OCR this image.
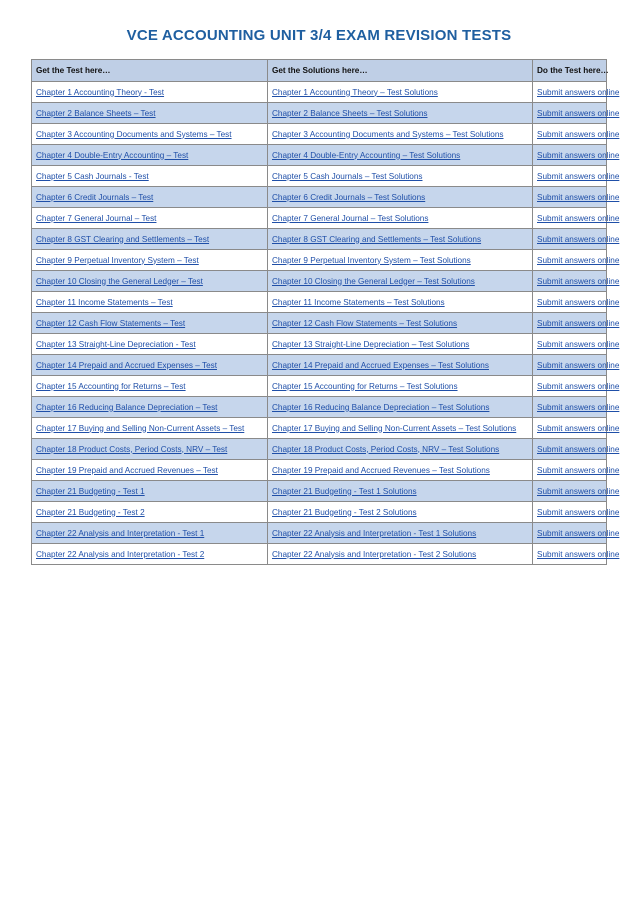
VCE ACCOUNTING UNIT 3/4 EXAM REVISION TESTS
Get the Test here…	Get the Solutions here…	Do the Test here…
Chapter 1 Accounting Theory - Test	Chapter 1 Accounting Theory – Test Solutions	Submit answers online
Chapter 2 Balance Sheets – Test	Chapter 2 Balance Sheets – Test Solutions	Submit answers online
Chapter 3 Accounting Documents and Systems – Test	Chapter 3 Accounting Documents and Systems – Test Solutions	Submit answers online
Chapter 4 Double-Entry Accounting – Test	Chapter 4 Double-Entry Accounting – Test Solutions	Submit answers online
Chapter 5 Cash Journals - Test	Chapter 5 Cash Journals – Test Solutions	Submit answers online
Chapter 6 Credit Journals – Test	Chapter 6 Credit Journals – Test Solutions	Submit answers online
Chapter 7 General Journal – Test	Chapter 7 General Journal – Test Solutions	Submit answers online
Chapter 8 GST Clearing and Settlements – Test	Chapter 8 GST Clearing and Settlements – Test Solutions	Submit answers online
Chapter 9 Perpetual Inventory System – Test	Chapter 9 Perpetual Inventory System – Test Solutions	Submit answers online
Chapter 10 Closing the General Ledger – Test	Chapter 10 Closing the General Ledger – Test Solutions	Submit answers online
Chapter 11 Income Statements – Test	Chapter 11 Income Statements – Test Solutions	Submit answers online
Chapter 12 Cash Flow Statements – Test	Chapter 12 Cash Flow Statements – Test Solutions	Submit answers online
Chapter 13 Straight-Line Depreciation - Test	Chapter 13 Straight-Line Depreciation – Test Solutions	Submit answers online
Chapter 14 Prepaid and Accrued Expenses – Test	Chapter 14 Prepaid and Accrued Expenses – Test Solutions	Submit answers online
Chapter 15 Accounting for Returns – Test	Chapter 15 Accounting for Returns – Test Solutions	Submit answers online
Chapter 16 Reducing Balance Depreciation – Test	Chapter 16 Reducing Balance Depreciation – Test Solutions	Submit answers online
Chapter 17 Buying and Selling Non-Current Assets – Test	Chapter 17 Buying and Selling Non-Current Assets – Test Solutions	Submit answers online
Chapter 18 Product Costs, Period Costs, NRV – Test	Chapter 18 Product Costs, Period Costs, NRV – Test Solutions	Submit answers online
Chapter 19 Prepaid and Accrued Revenues – Test	Chapter 19 Prepaid and Accrued Revenues – Test Solutions	Submit answers online
Chapter 21 Budgeting - Test 1	Chapter 21 Budgeting - Test 1 Solutions	Submit answers online
Chapter 21 Budgeting - Test 2	Chapter 21 Budgeting - Test 2 Solutions	Submit answers online
Chapter 22 Analysis and Interpretation - Test 1	Chapter 22 Analysis and Interpretation - Test 1 Solutions	Submit answers online
Chapter 22 Analysis and Interpretation - Test 2	Chapter 22 Analysis and Interpretation - Test 2 Solutions	Submit answers online
